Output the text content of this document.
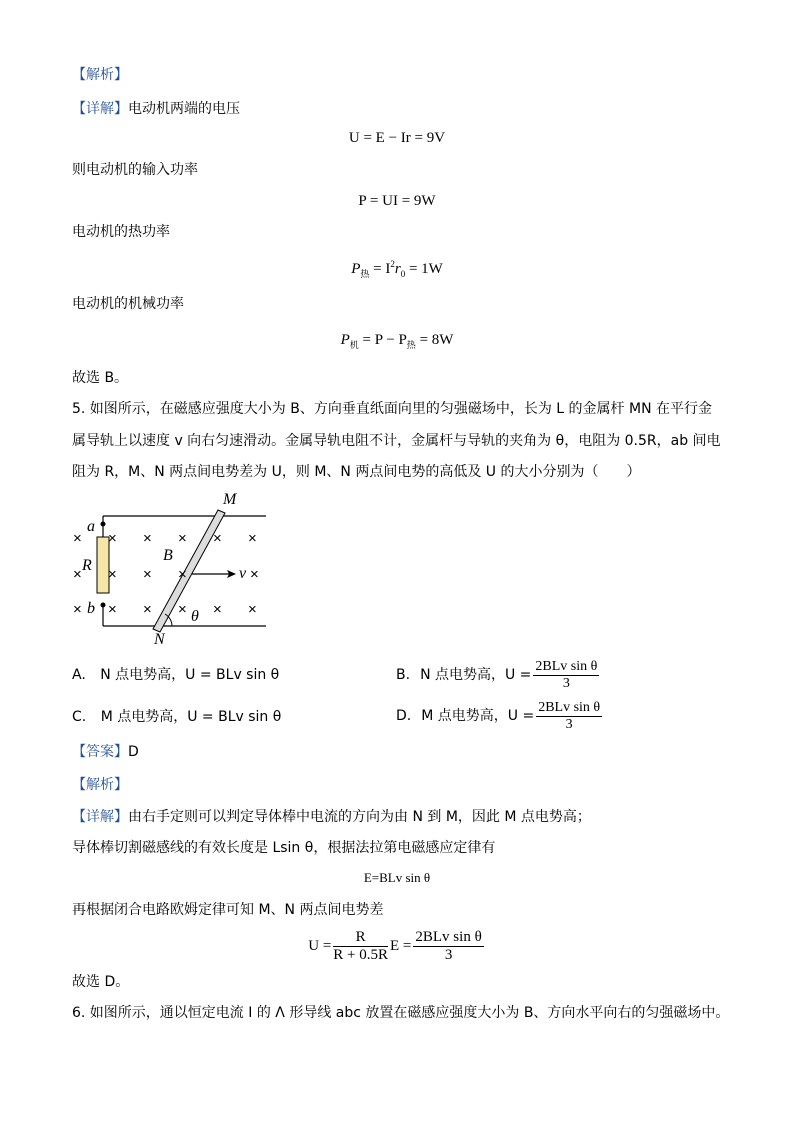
【解析】
【详解】电动机两端的电压
U = E − Ir = 9V
则电动机的输入功率
P = UI = 9W
电动机的热功率
$P_热 = I^2r_0 = 1W$
电动机的机械功率
$P_机 = P - P_热 = 8W$
故选 B。
5. 如图所示，在磁感应强度大小为 B、方向垂直纸面向里的匀强磁场中，长为 L 的金属杆 MN 在平行金
属导轨上以速度 v 向右匀速滑动。金属导轨电阻不计，金属杆与导轨的夹角为 θ，电阻为 0.5R，ab 间电
阻为 R，M、N 两点间电势差为 U，则 M、N 两点间电势的高低及 U 的大小分别为（　　）
× × × × × ×
× × × ×	×
× × × × × ×
M
N
a
b
R
B
v
θ
A. N 点电势高，U = BLv sin θ	B. N 点电势高，$U = \frac{\text{2BLv sin θ}}{3}$
C. M 点电势高，U = BLv sin θ	D. M 点电势高，$U = \frac{\text{2BLv sin θ}}{3}$
【答案】D
【解析】
【详解】由右手定则可以判定导体棒中电流的方向为由 N 到 M，因此 M 点电势高；
导体棒切割磁感线的有效长度是 Lsin θ，根据法拉第电磁感应定律有
E=BLv sin θ
再根据闭合电路欧姆定律可知 M、N 两点间电势差
$U = \frac{R}{R + 0.5R}$ $E = \frac{\text{2BLv sin θ}}{3}$
故选 D。
6. 如图所示，通以恒定电流 I 的 Λ 形导线 abc 放置在磁感应强度大小为 B、方向水平向右的匀强磁场中。
